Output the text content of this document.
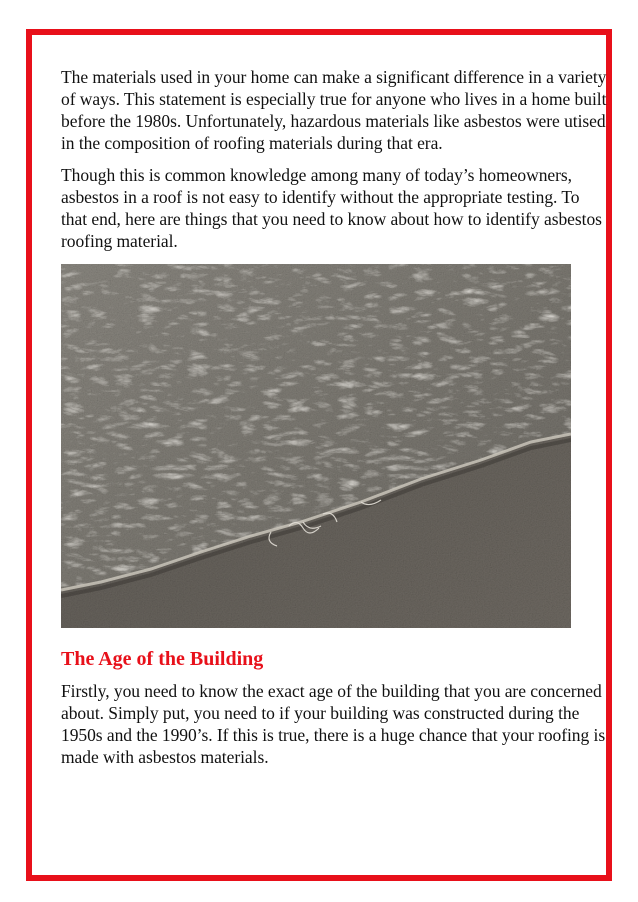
The materials used in your home can make a significant difference in a variety of ways. This statement is especially true for anyone who lives in a home built before the 1980s. Unfortunately, hazardous materials like asbestos were utised in the composition of roofing materials during that era.

Though this is common knowledge among many of today’s homeowners, asbestos in a roof is not easy to identify without the appropriate testing. To that end, here are things that you need to know about how to identify asbestos roofing material.

The Age of the Building

Firstly, you need to know the exact age of the building that you are concerned about. Simply put, you need to if your building was constructed during the 1950s and the 1990’s. If this is true, there is a huge chance that your roofing is made with asbestos materials.
